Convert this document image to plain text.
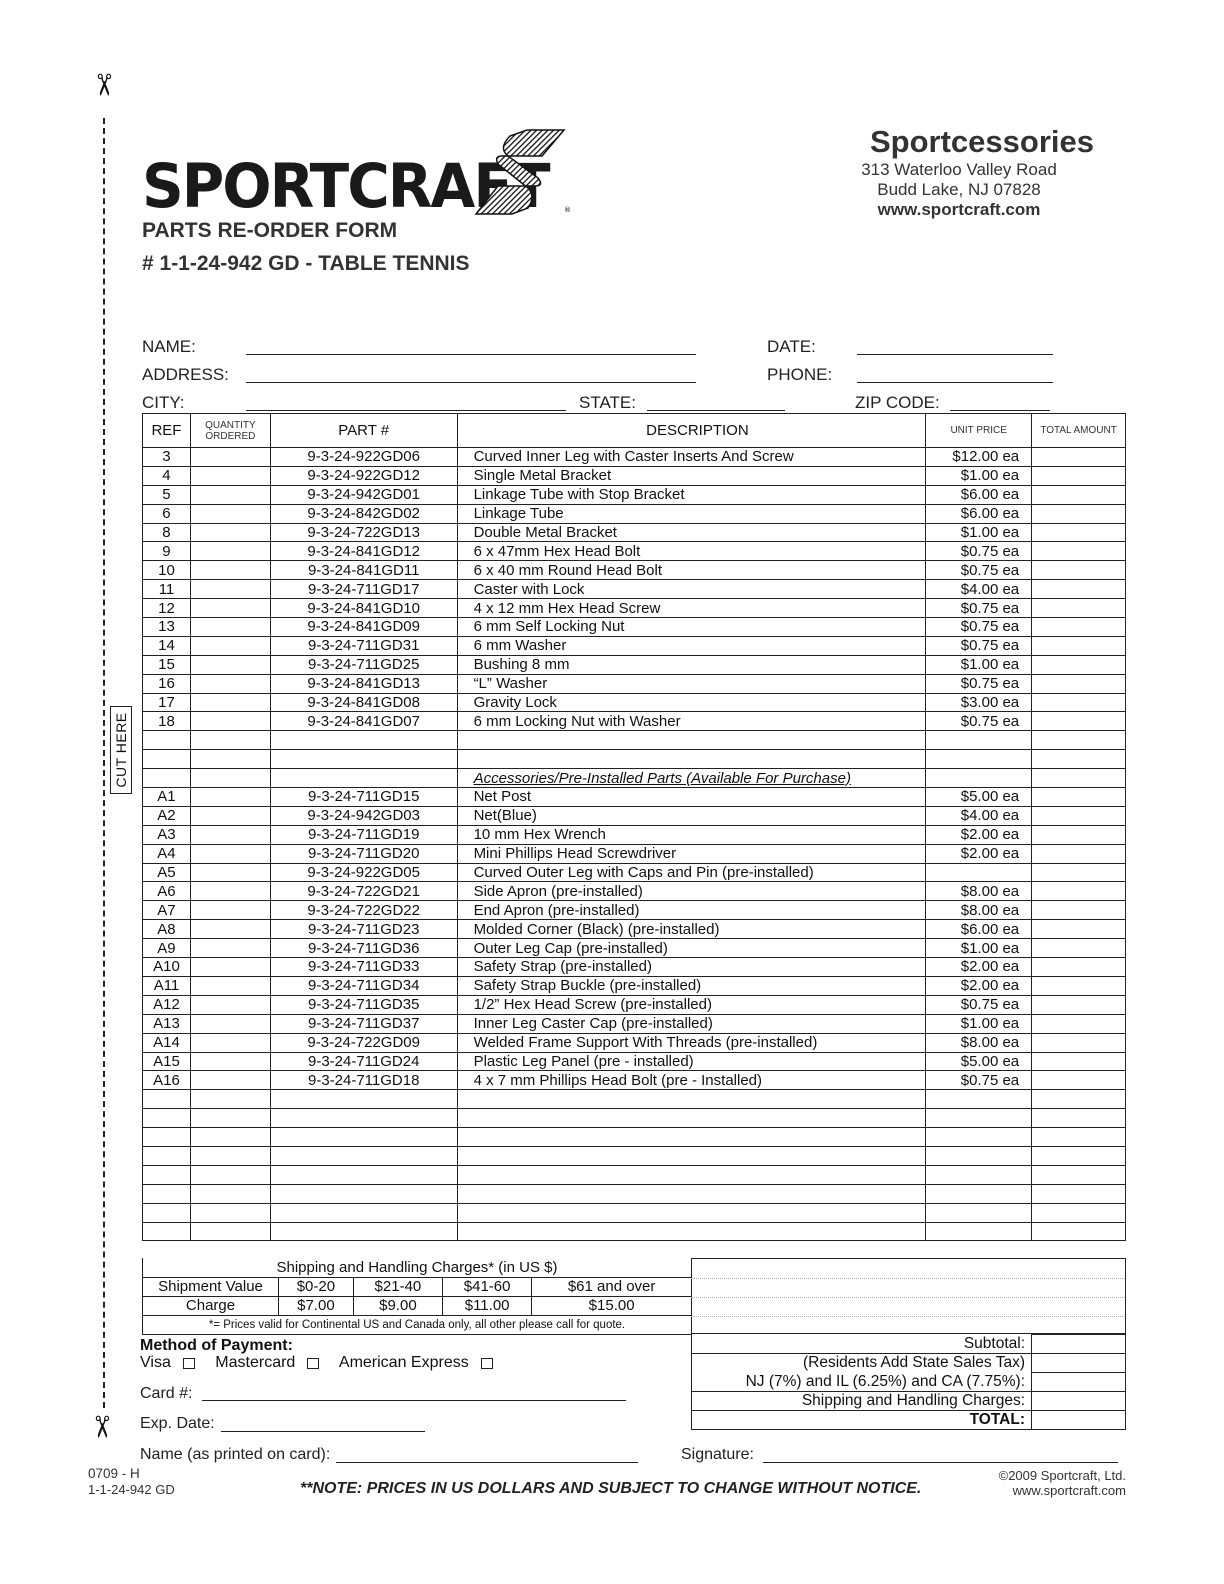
✂
✂
CUT HERE
SPORTCRAFT ®
PARTS RE-ORDER FORM
# 1-1-24-942 GD - TABLE TENNIS
Sportcessories
313 Waterloo Valley Road
Budd Lake, NJ 07828
www.sportcraft.com
NAME:	DATE:
ADDRESS:	PHONE:
CITY:	STATE:	ZIP CODE:
REF	QUANTITY ORDERED	PART #	DESCRIPTION	UNIT PRICE	TOTAL AMOUNT
3		9-3-24-922GD06	Curved Inner Leg with Caster Inserts And Screw	$12.00 ea	
4		9-3-24-922GD12	Single Metal Bracket	$1.00 ea	
5		9-3-24-942GD01	Linkage Tube with Stop Bracket	$6.00 ea	
6		9-3-24-842GD02	Linkage Tube	$6.00 ea	
8		9-3-24-722GD13	Double Metal Bracket	$1.00 ea	
9		9-3-24-841GD12	6 x 47mm Hex Head Bolt	$0.75 ea	
10		9-3-24-841GD11	6 x 40 mm Round Head Bolt	$0.75 ea	
11		9-3-24-711GD17	Caster with Lock	$4.00 ea	
12		9-3-24-841GD10	4 x 12 mm Hex Head Screw	$0.75 ea	
13		9-3-24-841GD09	6 mm Self Locking Nut	$0.75 ea	
14		9-3-24-711GD31	6 mm Washer	$0.75 ea	
15		9-3-24-711GD25	Bushing 8 mm	$1.00 ea	
16		9-3-24-841GD13	“L” Washer	$0.75 ea	
17		9-3-24-841GD08	Gravity Lock	$3.00 ea	
18		9-3-24-841GD07	6 mm Locking Nut with Washer	$0.75 ea	

			Accessories/Pre-Installed Parts (Available For Purchase)		
A1		9-3-24-711GD15	Net Post	$5.00 ea	
A2		9-3-24-942GD03	Net(Blue)	$4.00 ea	
A3		9-3-24-711GD19	10 mm Hex Wrench	$2.00 ea	
A4		9-3-24-711GD20	Mini Phillips Head Screwdriver	$2.00 ea	
A5		9-3-24-922GD05	Curved Outer Leg with Caps and Pin (pre-installed)		
A6		9-3-24-722GD21	Side Apron (pre-installed)	$8.00 ea	
A7		9-3-24-722GD22	End Apron (pre-installed)	$8.00 ea	
A8		9-3-24-711GD23	Molded Corner (Black) (pre-installed)	$6.00 ea	
A9		9-3-24-711GD36	Outer Leg Cap (pre-installed)	$1.00 ea	
A10		9-3-24-711GD33	Safety Strap (pre-installed)	$2.00 ea	
A11		9-3-24-711GD34	Safety Strap Buckle (pre-installed)	$2.00 ea	
A12		9-3-24-711GD35	1/2” Hex Head Screw (pre-installed)	$0.75 ea	
A13		9-3-24-711GD37	Inner Leg Caster Cap (pre-installed)	$1.00 ea	
A14		9-3-24-722GD09	Welded Frame Support With Threads (pre-installed)	$8.00 ea	
A15		9-3-24-711GD24	Plastic Leg Panel (pre - installed)	$5.00 ea	
A16		9-3-24-711GD18	4 x 7 mm Phillips Head Bolt (pre - Installed)	$0.75 ea	

Shipping and Handling Charges* (in US $)				
Shipment Value	$0-20	$21-40	$41-60	$61 and over
Charge	$7.00	$9.00	$11.00	$15.00
*= Prices valid for Continental US and Canada only, all other please call for quote.				
Method of Payment:
Visa	Mastercard	American Express
Card #:
Exp. Date:
Name (as printed on card):	Signature:
Subtotal:	
(Residents Add State Sales Tax)	
NJ (7%) and IL (6.25%) and CA (7.75%):	
Shipping and Handling Charges:	
TOTAL:	
0709 - H
1-1-24-942 GD	**NOTE: PRICES IN US DOLLARS AND SUBJECT TO CHANGE WITHOUT NOTICE.
©2009 Sportcraft, Ltd.
www.sportcraft.com
